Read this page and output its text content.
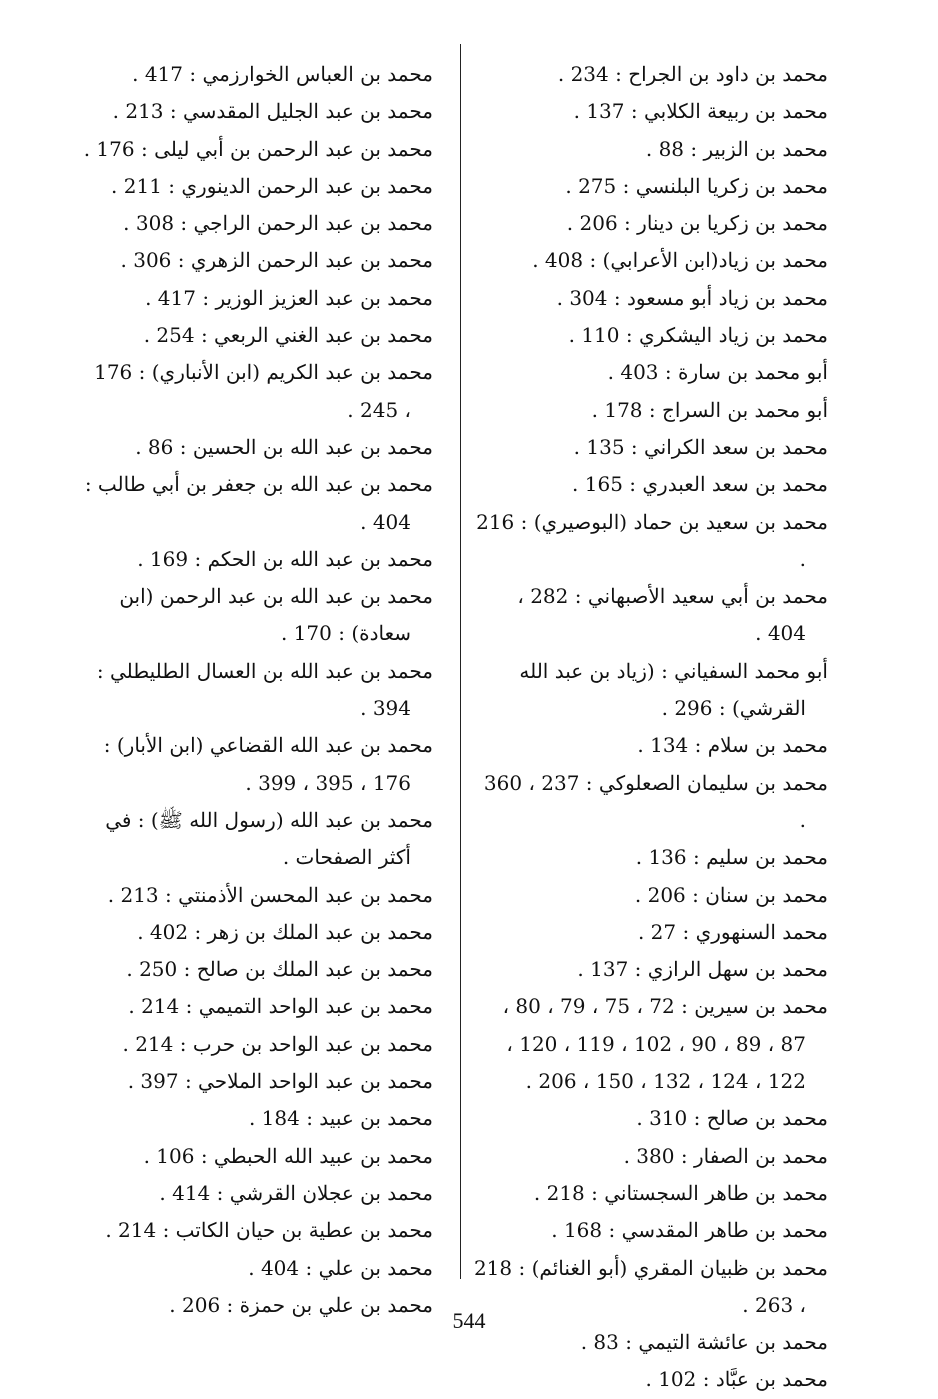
محمد بن داود بن الجراح : 234 .
محمد بن ربيعة الكلابي : 137 .
محمد بن الزبير : 88 .
محمد بن زكريا البلنسي : 275 .
محمد بن زكريا بن دينار : 206 .
محمد بن زياد(ابن الأعرابي) : 408 .
محمد بن زياد أبو مسعود : 304 .
محمد بن زياد اليشكري : 110 .
أبو محمد بن سارة : 403 .
أبو محمد بن السراج : 178 .
محمد بن سعد الكراني : 135 .
محمد بن سعد العبدري : 165 .
محمد بن سعيد بن حماد (البوصيري) : 216 .
محمد بن أبي سعيد الأصبهاني : 282 ، 404 .
أبو محمد السفياني : (زياد بن عبد الله القرشي) : 296 .
محمد بن سلام : 134 .
محمد بن سليمان الصعلوكي : 237 ، 360 .
محمد بن سليم : 136 .
محمد بن سنان : 206 .
محمد السنهوري : 27 .
محمد بن سهل الرازي : 137 .
محمد بن سيرين : 72 ، 75 ، 79 ، 80 ، 87 ، 89 ، 90 ، 102 ، 119 ، 120 ، 122 ، 124 ، 132 ، 150 ، 206 .
محمد بن صالح : 310 .
محمد بن الصفار : 380 .
محمد بن طاهر السجستاني : 218 .
محمد بن طاهر المقدسي : 168 .
محمد بن ظبيان المقري (أبو الغنائم) : 218 ، 263 .
محمد بن عائشة التيمي : 83 .
محمد بن عبَّاد : 102 .
محمد بن العباس الخوارزمي : 417 .
محمد بن عبد الجليل المقدسي : 213 .
محمد بن عبد الرحمن بن أبي ليلى : 176 .
محمد بن عبد الرحمن الدينوري : 211 .
محمد بن عبد الرحمن الراجي : 308 .
محمد بن عبد الرحمن الزهري : 306 .
محمد بن عبد العزيز الوزير : 417 .
محمد بن عبد الغني الربعي : 254 .
محمد بن عبد الكريم (ابن الأنباري) : 176 ، 245 .
محمد بن عبد الله بن الحسين : 86 .
محمد بن عبد الله بن جعفر بن أبي طالب : 404 .
محمد بن عبد الله بن الحكم : 169 .
محمد بن عبد الله بن عبد الرحمن (ابن سعادة) : 170 .
محمد بن عبد الله بن العسال الطليطلي : 394 .
محمد بن عبد الله القضاعي (ابن الأبار) : 176 ، 395 ، 399 .
محمد بن عبد الله (رسول الله ﷺ) : في أكثر الصفحات .
محمد بن عبد المحسن الأذمنتي : 213 .
محمد بن عبد الملك بن زهر : 402 .
محمد بن عبد الملك بن صالح : 250 .
محمد بن عبد الواحد التميمي : 214 .
محمد بن عبد الواحد بن حرب : 214 .
محمد بن عبد الواحد الملاحي : 397 .
محمد بن عبيد : 184 .
محمد بن عبيد الله الحبطي : 106 .
محمد بن عجلان القرشي : 414 .
محمد بن عطية بن حيان الكاتب : 214 .
محمد بن علي : 404 .
محمد بن علي بن حمزة : 206 .
544
